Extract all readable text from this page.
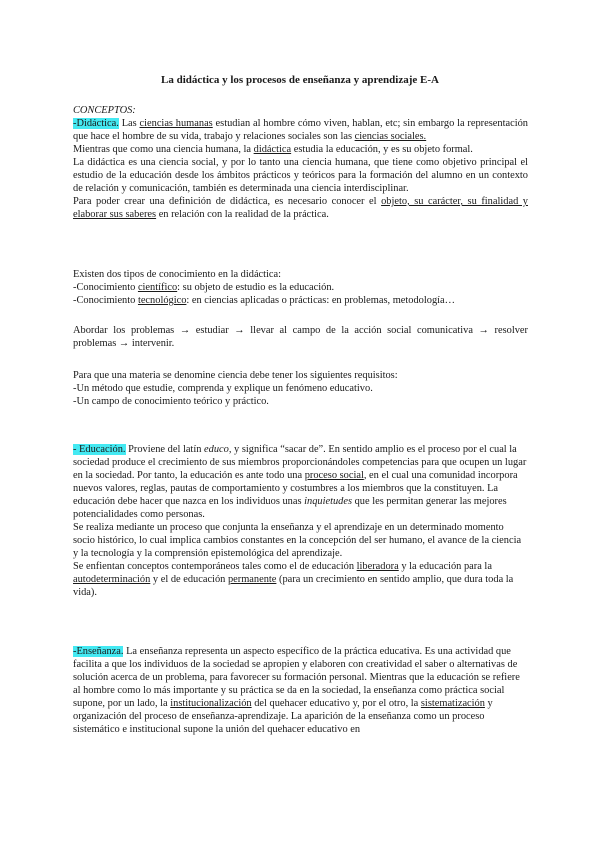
La didáctica y los procesos de enseñanza y aprendizaje E-A

CONCEPTOS:

-Didáctica. Las ciencias humanas estudian al hombre cómo viven, hablan, etc; sin embargo la representación que hace el hombre de su vida, trabajo y relaciones sociales son las ciencias sociales.

Mientras que como una ciencia humana, la didáctica estudia la educación, y es su objeto formal.

La didáctica es una ciencia social, y por lo tanto una ciencia humana, que tiene como objetivo principal el estudio de la educación desde los ámbitos prácticos y teóricos para la formación del alumno en un contexto de relación y comunicación, también es determinada una ciencia interdisciplinar.

Para poder crear una definición de didáctica, es necesario conocer el objeto, su carácter, su finalidad y elaborar sus saberes en relación con la realidad de la práctica.

Existen dos tipos de conocimiento en la didáctica:

-Conocimiento científico: su objeto de estudio es la educación.

-Conocimiento tecnológico: en ciencias aplicadas o prácticas: en problemas, metodología…

Abordar los problemas → estudiar → llevar al campo de la acción social comunicativa → resolver problemas → intervenir.

Para que una materia se denomine ciencia debe tener los siguientes requisitos:

-Un método que estudie, comprenda y explique un fenómeno educativo.

-Un campo de conocimiento teórico y práctico.

- Educación. Proviene del latín educo, y significa “sacar de”. En sentido amplio es el proceso por el cual la sociedad produce el crecimiento de sus miembros proporcionándoles competencias para que ocupen un lugar en la sociedad. Por tanto, la educación es ante todo una proceso social, en el cual una comunidad incorpora nuevos valores, reglas, pautas de comportamiento y costumbres a los miembros que la constituyen. La educación debe hacer que nazca en los individuos unas inquietudes que les permitan generar las mejores potencialidades como personas.

Se realiza mediante un proceso que conjunta la enseñanza y el aprendizaje en un determinado momento socio histórico, lo cual implica cambios constantes en la concepción del ser humano, el avance de la ciencia y la tecnología y la comprensión epistemológica del aprendizaje.

Se enfientan conceptos contemporáneos tales como el de educación liberadora y la educación para la autodeterminación y el de educación permanente (para un crecimiento en sentido amplio, que dura toda la vida).

-Enseñanza. La enseñanza representa un aspecto específico de la práctica educativa. Es una actividad que facilita a que los individuos de la sociedad se apropien y elaboren con creatividad el saber o alternativas de solución acerca de un problema, para favorecer su formación personal. Mientras que la educación se refiere al hombre como lo más importante y su práctica se da en la sociedad, la enseñanza como práctica social supone, por un lado, la institucionalización del quehacer educativo y, por el otro, la sistematización y organización del proceso de enseñanza-aprendizaje. La aparición de la enseñanza como un proceso sistemático e institucional supone la unión del quehacer educativo en
